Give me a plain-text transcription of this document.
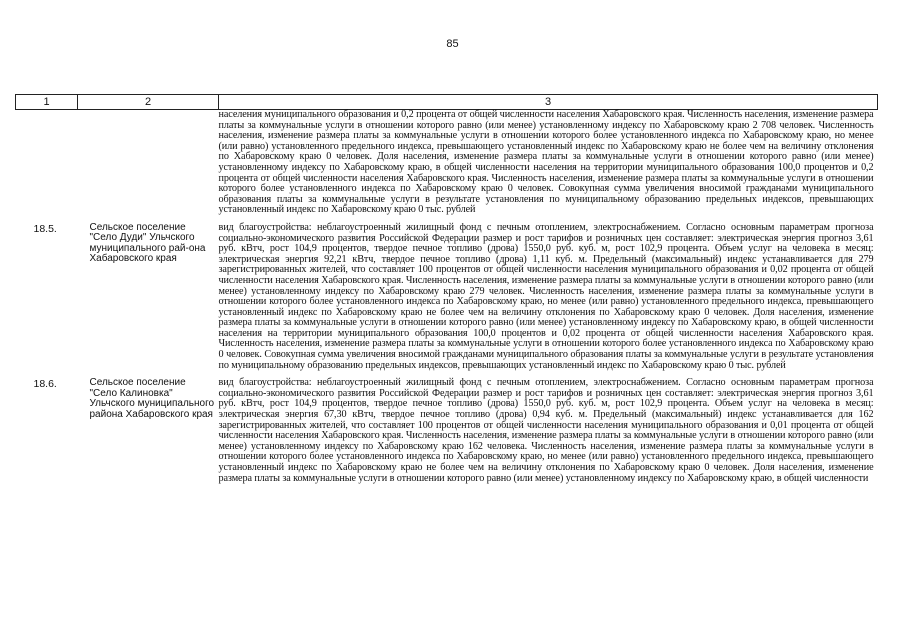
85
1	2	3
		населения муниципального образования и 0,2 процента от общей численности населения Хабаровского края. Численность населения, изменение размера платы за коммунальные услуги в отношении которого равно (или менее) установленному индексу по Хабаровскому краю 2 708 человек. Численность населения, изменение размера платы за коммунальные услуги в отношении которого более установленного индекса по Хабаровскому краю, но менее (или равно) установленного предельного индекса, превышающего установленный индекс по Хабаровскому краю не более чем на величину отклонения по Хабаровскому краю 0 человек. Доля населения, изменение размера платы за коммунальные услуги в отношении которого равно (или менее) установленному индексу по Хабаровскому краю, в общей численности населения на территории муниципального образования 100,0 процентов и 0,2 процента от общей численности населения Хабаровского края. Численность населения, изменение размера платы за коммунальные услуги в отношении которого более установленного индекса по Хабаровскому краю 0 человек. Совокупная сумма увеличения вносимой гражданами муниципального образования платы за коммунальные услуги в результате установления по муниципальному образованию предельных индексов, превышающих установленный индекс по Хабаровскому краю 0 тыс. рублей

18.5.	Сельское поселение "Село Дуди" Ульчского муниципального рай-она Хабаровского края	вид благоустройства: неблагоустроенный жилищный фонд с печным отоплением, электроснабжением. Согласно основным параметрам прогноза социально-экономического развития Российской Федерации размер и рост тарифов и розничных цен составляет: электрическая энергия прогноз 3,61 руб. кВтч, рост 104,9 процентов, твердое печное топливо (дрова) 1550,0 руб. куб. м, рост 102,9 процента. Объем услуг на человека в месяц: электрическая энергия 92,21 кВтч, твердое печное топливо (дрова) 1,11 куб. м. Предельный (максимальный) индекс устанавливается для 279 зарегистрированных жителей, что составляет 100 процентов от общей численности населения муниципального образования и 0,02 процента от общей численности населения Хабаровского края. Численность населения, изменение размера платы за коммунальные услуги в отношении которого равно (или менее) установленному индексу по Хабаровскому краю 279 человек. Численность населения, изменение размера платы за коммунальные услуги в отношении которого более установленного индекса по Хабаровскому краю, но менее (или равно) установленного предельного индекса, превышающего установленный индекс по Хабаровскому краю не более чем на величину отклонения по Хабаровскому краю 0 человек. Доля населения, изменение размера платы за коммунальные услуги в отношении которого равно (или менее) установленному индексу по Хабаровскому краю, в общей численности населения на территории муниципального образования 100,0 процентов и 0,02 процента от общей численности населения Хабаровского края. Численность населения, изменение размера платы за коммунальные услуги в отношении которого более установленного индекса по Хабаровскому краю 0 человек. Совокупная сумма увеличения вносимой гражданами муниципального образования платы за коммунальные услуги в результате установления по муниципальному образованию предельных индексов, превышающих установленный индекс по Хабаровскому краю 0 тыс. рублей

18.6.	Сельское поселение "Село Калиновка" Ульчского муниципального района Хабаровского края	вид благоустройства: неблагоустроенный жилищный фонд с печным отоплением, электроснабжением. Согласно основным параметрам прогноза социально-экономического развития Российской Федерации размер и рост тарифов и розничных цен составляет: электрическая энергия прогноз 3,61 руб. кВтч, рост 104,9 процентов, твердое печное топливо (дрова) 1550,0 руб. куб. м, рост 102,9 процента. Объем услуг на человека в месяц: электрическая энергия 67,30 кВтч, твердое печное топливо (дрова) 0,94 куб. м. Предельный (максимальный) индекс устанавливается для 162 зарегистрированных жителей, что составляет 100 процентов от общей численности населения муниципального образования и 0,01 процента от общей численности населения Хабаровского края. Численность населения, изменение размера платы за коммунальные услуги в отношении которого равно (или менее) установленному индексу по Хабаровскому краю 162 человека. Численность населения, изменение размера платы за коммунальные услуги в отношении которого более установленного индекса по Хабаровскому краю, но менее (или равно) установленного предельного индекса, превышающего установленный индекс по Хабаровскому краю не более чем на величину отклонения по Хабаровскому краю 0 человек. Доля населения, изменение размера платы за коммунальные услуги в отношении которого равно (или менее) установленному индексу по Хабаровскому краю, в общей численности
